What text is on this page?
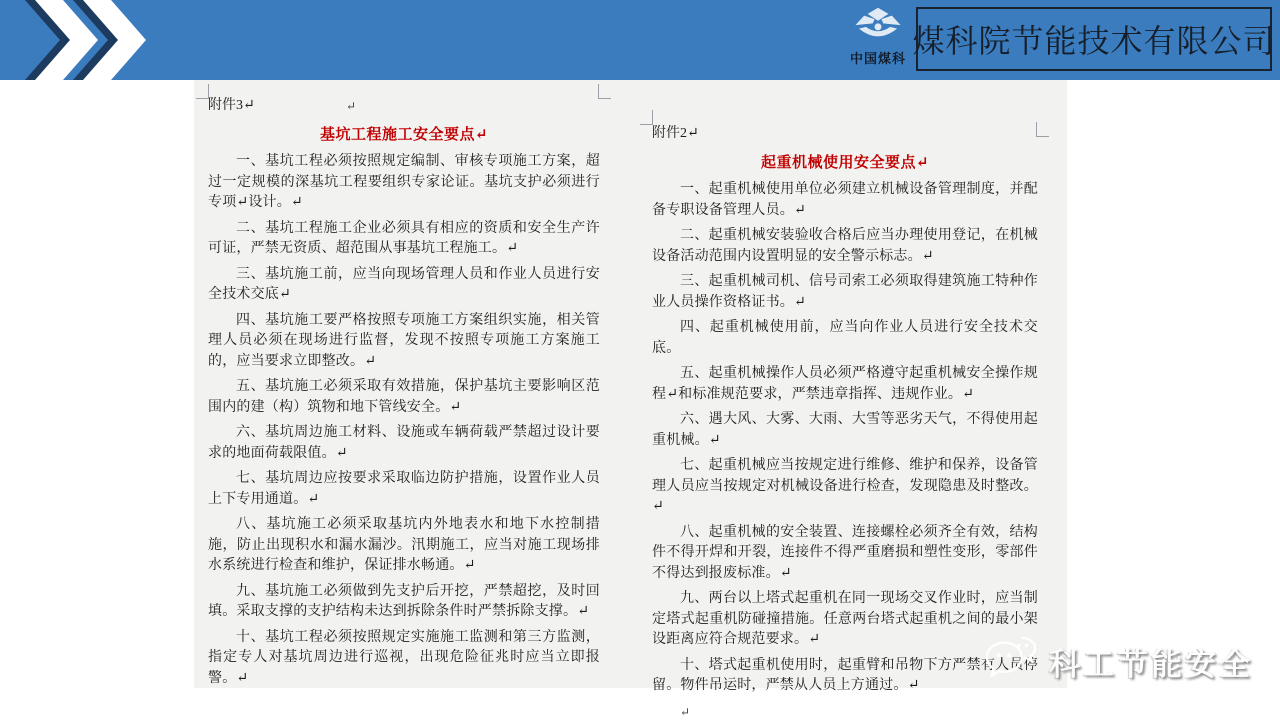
中国煤科 煤科院节能技术有限公司
附件3↵	↵
基坑工程施工安全要点↵

一、基坑工程必须按照规定编制、审核专项施工方案，超过一定规模的深基坑工程要组织专家论证。基坑支护必须进行专项↵设计。↵

二、基坑工程施工企业必须具有相应的资质和安全生产许可证，严禁无资质、超范围从事基坑工程施工。↵

三、基坑施工前，应当向现场管理人员和作业人员进行安全技术交底↵

四、基坑施工要严格按照专项施工方案组织实施，相关管理人员必须在现场进行监督，发现不按照专项施工方案施工的，应当要求立即整改。↵

五、基坑施工必须采取有效措施，保护基坑主要影响区范围内的建（构）筑物和地下管线安全。↵

六、基坑周边施工材料、设施或车辆荷载严禁超过设计要求的地面荷载限值。↵

七、基坑周边应按要求采取临边防护措施，设置作业人员上下专用通道。↵

八、基坑施工必须采取基坑内外地表水和地下水控制措施，防止出现积水和漏水漏沙。汛期施工，应当对施工现场排水系统进行检查和维护，保证排水畅通。↵

九、基坑施工必须做到先支护后开挖，严禁超挖，及时回填。采取支撑的支护结构未达到拆除条件时严禁拆除支撑。↵

十、基坑工程必须按照规定实施施工监测和第三方监测，指定专人对基坑周边进行巡视，出现危险征兆时应当立即报警。↵

附件2↵
起重机械使用安全要点↵

一、起重机械使用单位必须建立机械设备管理制度，并配备专职设备管理人员。↵

二、起重机械安装验收合格后应当办理使用登记，在机械设备活动范围内设置明显的安全警示标志。↵

三、起重机械司机、信号司索工必须取得建筑施工特种作业人员操作资格证书。↵

四、起重机械使用前，应当向作业人员进行安全技术交底。

五、起重机械操作人员必须严格遵守起重机械安全操作规程↵和标准规范要求，严禁违章指挥、违规作业。↵

六、遇大风、大雾、大雨、大雪等恶劣天气，不得使用起重机械。↵

七、起重机械应当按规定进行维修、维护和保养，设备管理人员应当按规定对机械设备进行检查，发现隐患及时整改。↵

八、起重机械的安全装置、连接螺栓必须齐全有效，结构件不得开焊和开裂，连接件不得严重磨损和塑性变形，零部件不得达到报废标准。↵

九、两台以上塔式起重机在同一现场交叉作业时，应当制定塔式起重机防碰撞措施。任意两台塔式起重机之间的最小架设距离应符合规范要求。↵

十、塔式起重机使用时，起重臂和吊物下方严禁有人员停留。物件吊运时，严禁从人员上方通过。↵

↵

科工节能安全
